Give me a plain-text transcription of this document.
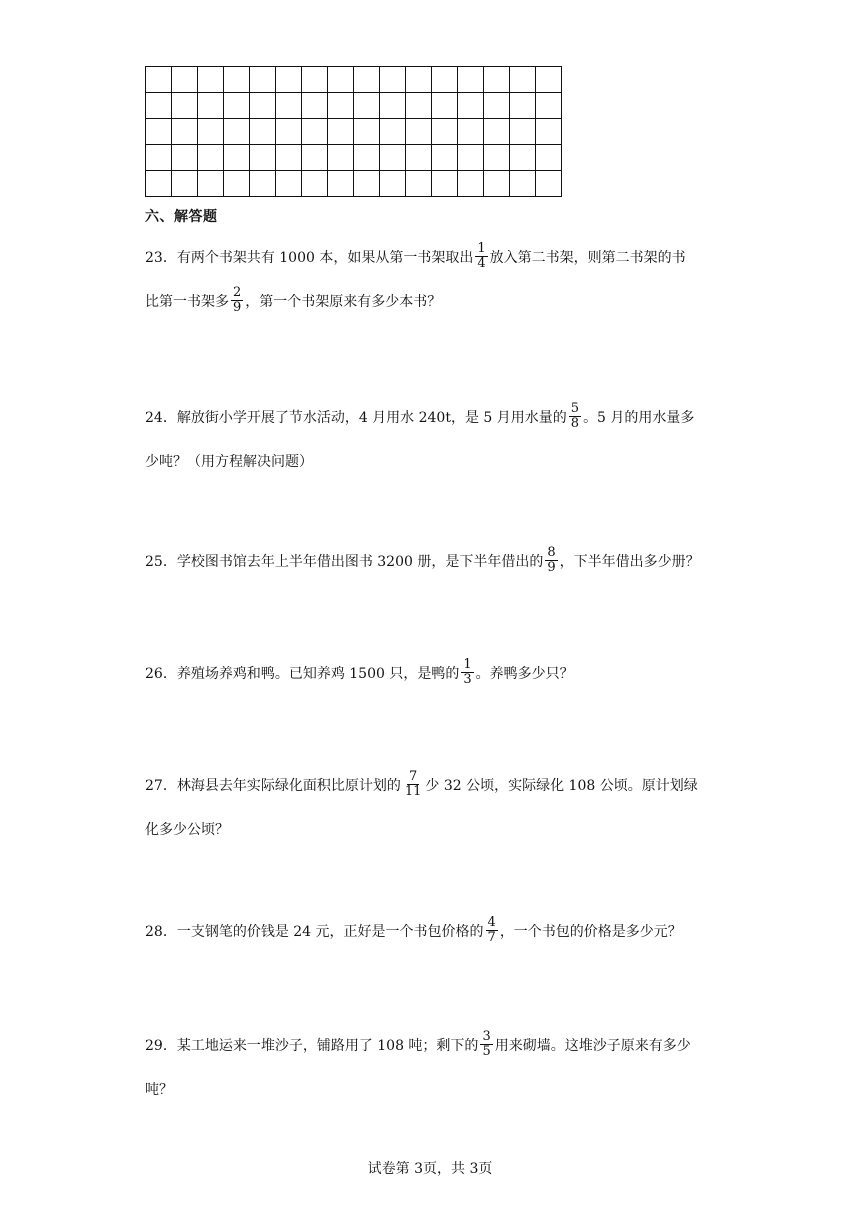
六、解答题
23．有两个书架共有 1000 本，如果从第一书架取出 $\frac{1}{4}$ 放入第二书架，则第二书架的书
比第一书架多 $\frac{2}{9}$ ，第一个书架原来有多少本书？
24．解放街小学开展了节水活动，4 月用水 240t，是 5 月用水量的 $\frac{5}{8}$ 。5 月的用水量多
少吨？（用方程解决问题）
25．学校图书馆去年上半年借出图书 3200 册，是下半年借出的 $\frac{8}{9}$ ，下半年借出多少册？
26．养殖场养鸡和鸭。已知养鸡 1500 只，是鸭的 $\frac{1}{3}$ 。养鸭多少只？
27．林海县去年实际绿化面积比原计划的 $\frac{7}{11}$ 少 32 公顷，实际绿化 108 公顷。原计划绿
化多少公顷？
28．一支钢笔的价钱是 24 元，正好是一个书包价格的 $\frac{4}{7}$ ，一个书包的价格是多少元？
29．某工地运来一堆沙子，铺路用了 108 吨；剩下的 $\frac{3}{5}$ 用来砌墙。这堆沙子原来有多少
吨？
试卷第 3页，共 3页
